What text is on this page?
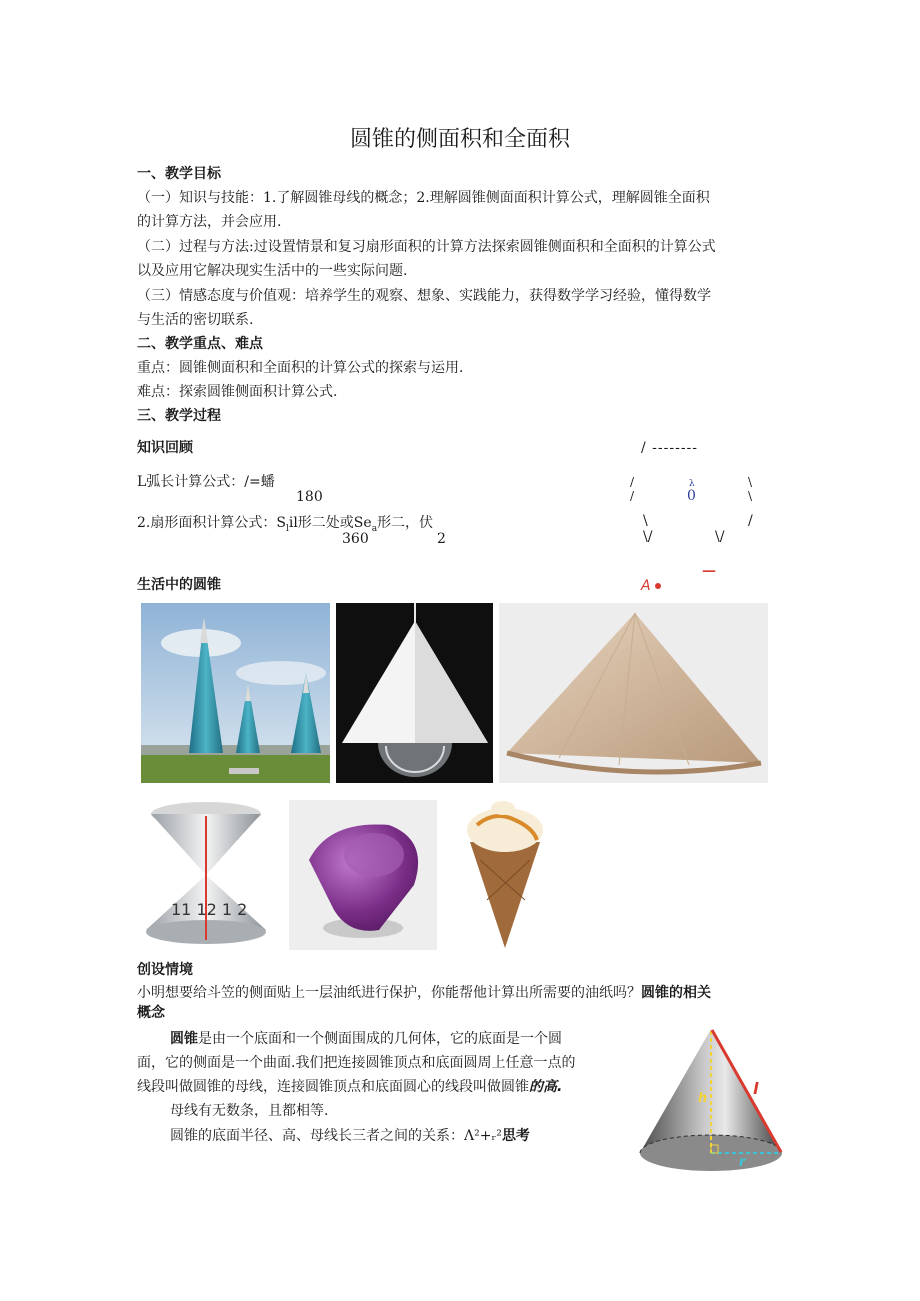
圆锥的侧面积和全面积
一、教学目标
（一）知识与技能：1.了解圆锥母线的概念；2.理解圆锥侧面面积计算公式，理解圆锥全面积
的计算方法，并会应用.
（二）过程与方法:过设置情景和复习扇形面积的计算方法探索圆锥侧面积和全面积的计算公式
以及应用它解决现实生活中的一些实际问题.
（三）情感态度与价值观：培养学生的观察、想象、实践能力，获得数学学习经验，懂得数学
与生活的密切联系.
二、教学重点、难点
重点：圆锥侧面积和全面积的计算公式的探索与运用.
难点：探索圆锥侧面积计算公式.
三、教学过程
知识回顾
L弧长计算公式：/=蟠
180
2.扇形面积计算公式：$S_lil$形二处或$Se_a$形二，伏
360	2
/ --------
/	λ	\
/	0	\
\	/
\/	\/
—
A
生活中的圆锥
11 12 1 2
创设情境
小明想要给斗笠的侧面贴上一层油纸进行保护，你能帮他计算出所需要的油纸吗？圆锥的相关
概念
圆锥是由一个底面和一个侧面围成的几何体，它的底面是一个圆
面，它的侧面是一个曲面.我们把连接圆锥顶点和底面圆周上任意一点的
线段叫做圆锥的母线，连接圆锥顶点和底面圆心的线段叫做圆锥的高.
母线有无数条，且都相等.
圆锥的底面半径、高、母线长三者之间的关系：Λ²+ᵣ²思考
h
l
r
